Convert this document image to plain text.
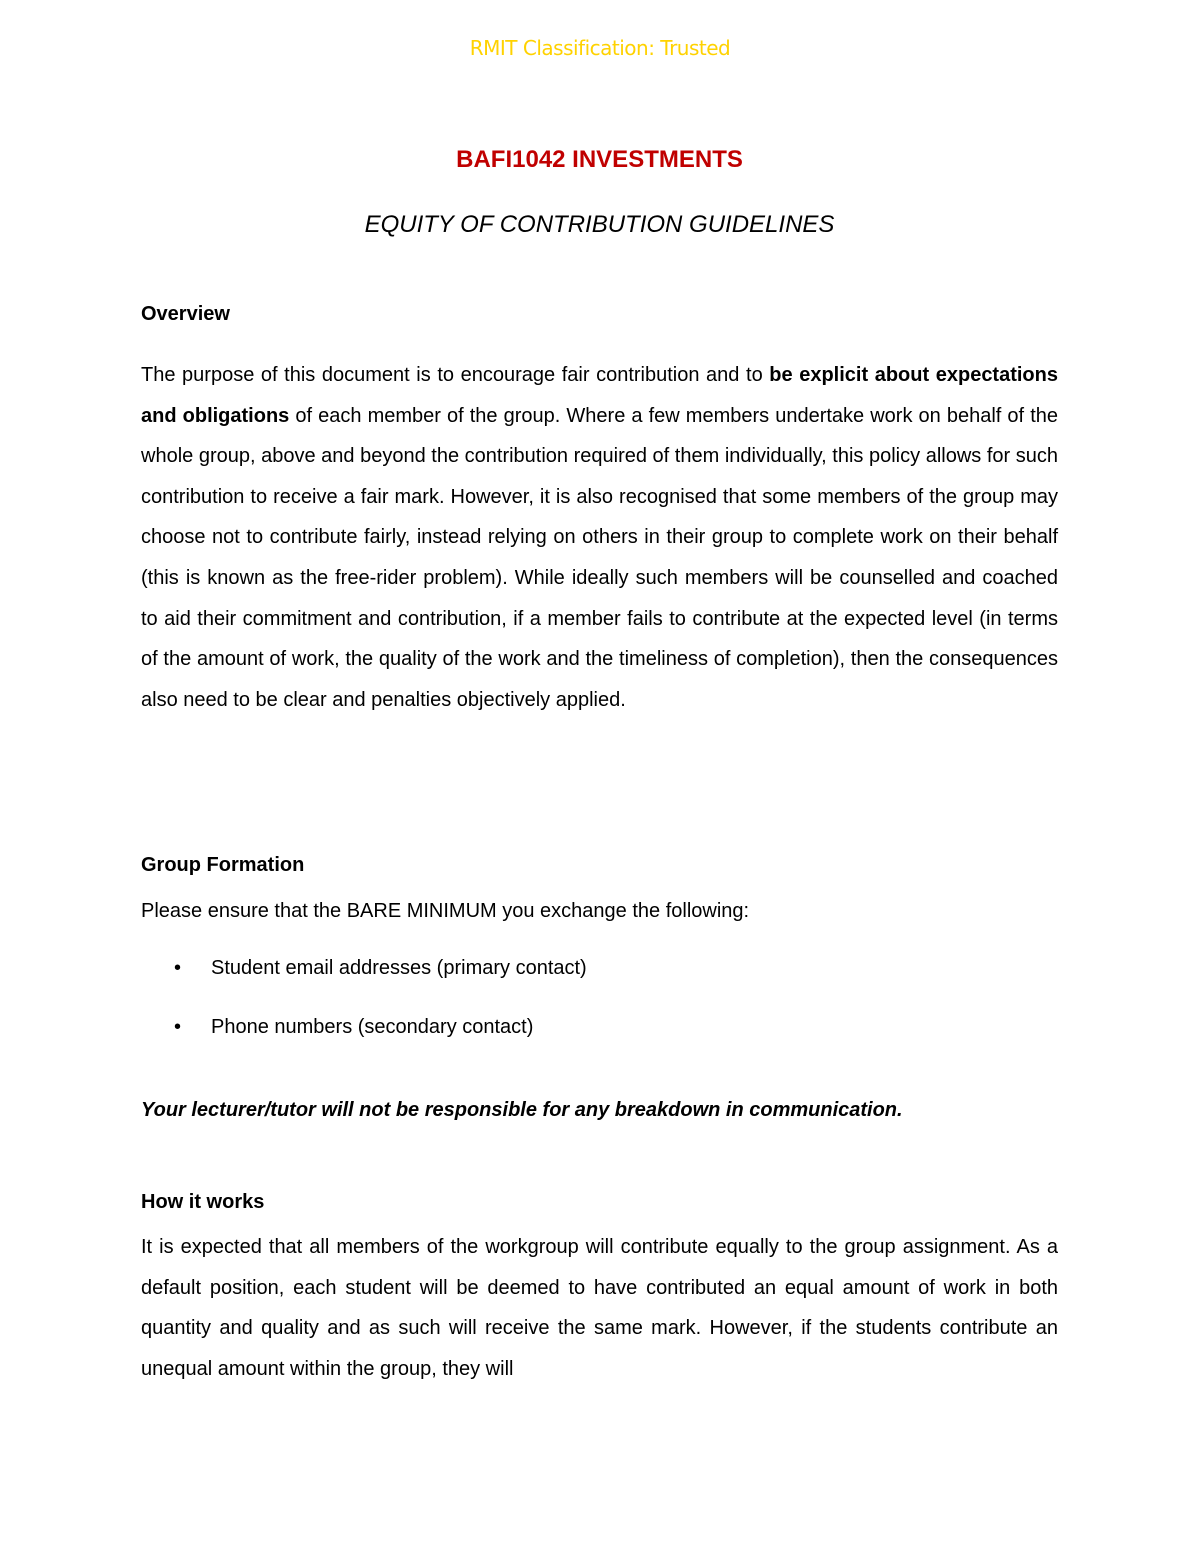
RMIT Classification: Trusted
BAFI1042 INVESTMENTS
EQUITY OF CONTRIBUTION GUIDELINES
Overview

The purpose of this document is to encourage fair contribution and to be explicit about expectations and obligations of each member of the group. Where a few members undertake work on behalf of the whole group, above and beyond the contribution required of them individually, this policy allows for such contribution to receive a fair mark. However, it is also recognised that some members of the group may choose not to contribute fairly, instead relying on others in their group to complete work on their behalf (this is known as the free-rider problem). While ideally such members will be counselled and coached to aid their commitment and contribution, if a member fails to contribute at the expected level (in terms of the amount of work, the quality of the work and the timeliness of completion), then the consequences also need to be clear and penalties objectively applied.

Group Formation

Please ensure that the BARE MINIMUM you exchange the following:

• Student email addresses (primary contact)
• Phone numbers (secondary contact)
Your lecturer/tutor will not be responsible for any breakdown in communication.
How it works

It is expected that all members of the workgroup will contribute equally to the group assignment. As a default position, each student will be deemed to have contributed an equal amount of work in both quantity and quality and as such will receive the same mark. However, if the students contribute an unequal amount within the group, they will
